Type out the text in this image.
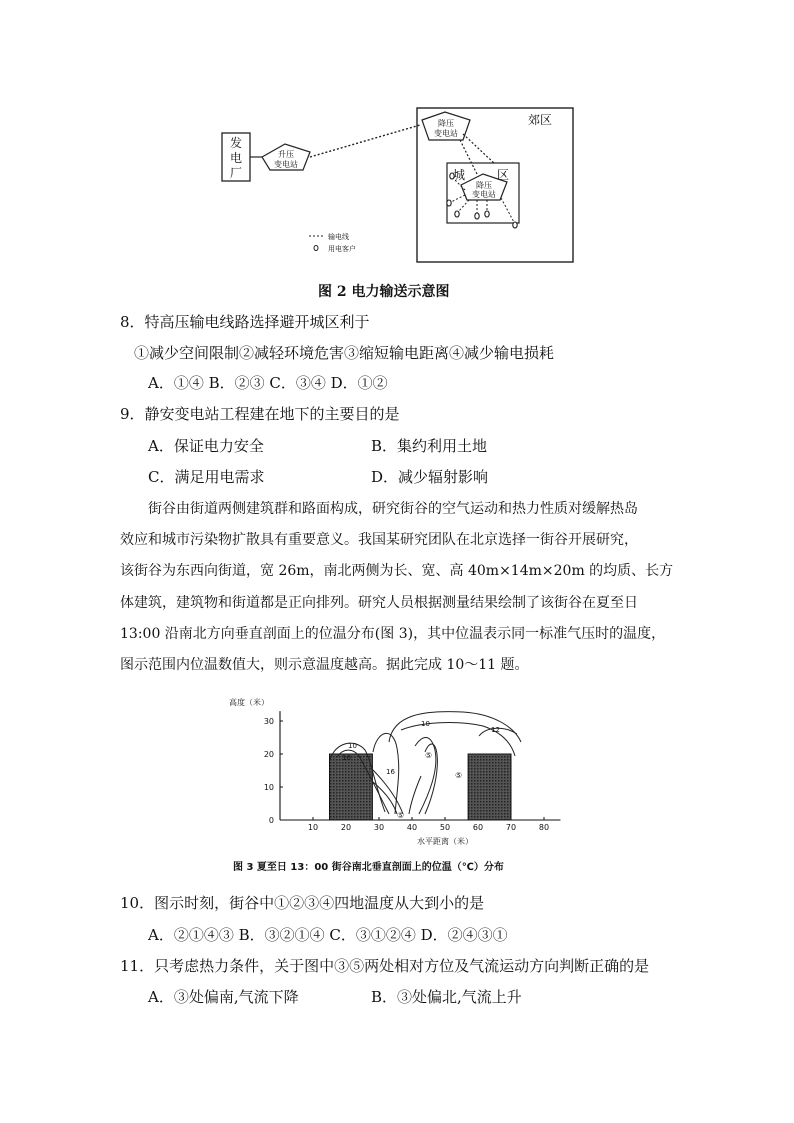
发
电
厂
升压
变电站
降压
变电站
降压
变电站
郊区
城	区
输电线
用电客户
图 2 电力输送示意图
8．特高压输电线路选择避开城区利于
①减少空间限制②减轻环境危害③缩短输电距离④减少输电损耗
A．①④ B．②③ C．③④ D．①②
9．静安变电站工程建在地下的主要目的是
A．保证电力安全	B．集约利用土地
C．满足用电需求	D．减少辐射影响
街谷由街道两侧建筑群和路面构成，研究街谷的空气运动和热力性质对缓解热岛
效应和城市污染物扩散具有重要意义。我国某研究团队在北京选择一街谷开展研究，
该街谷为东西向街道，宽 26m，南北两侧为长、宽、高 40m×14m×20m 的均质、长方
体建筑，建筑物和街道都是正向排列。研究人员根据测量结果绘制了该街谷在夏至日
13:00 沿南北方向垂直剖面上的位温分布(图 3)，其中位温表示同一标准气压时的温度，
图示范围内位温数值大，则示意温度越高。据此完成 10～11 题。
高度（米）
水平距离（米）
10	20	30	40	50	60	70	80
0
10
20
30
10
10
10
12
16
⑤
⑤
⑤
图 3 夏至日 13：00 街谷南北垂直剖面上的位温（℃）分布
10．图示时刻，街谷中①②③④四地温度从大到小的是
A．②①④③ B．③②①④ C．③①②④ D．②④③①
11．只考虑热力条件，关于图中③⑤两处相对方位及气流运动方向判断正确的是
A．③处偏南,气流下降	B．③处偏北,气流上升
